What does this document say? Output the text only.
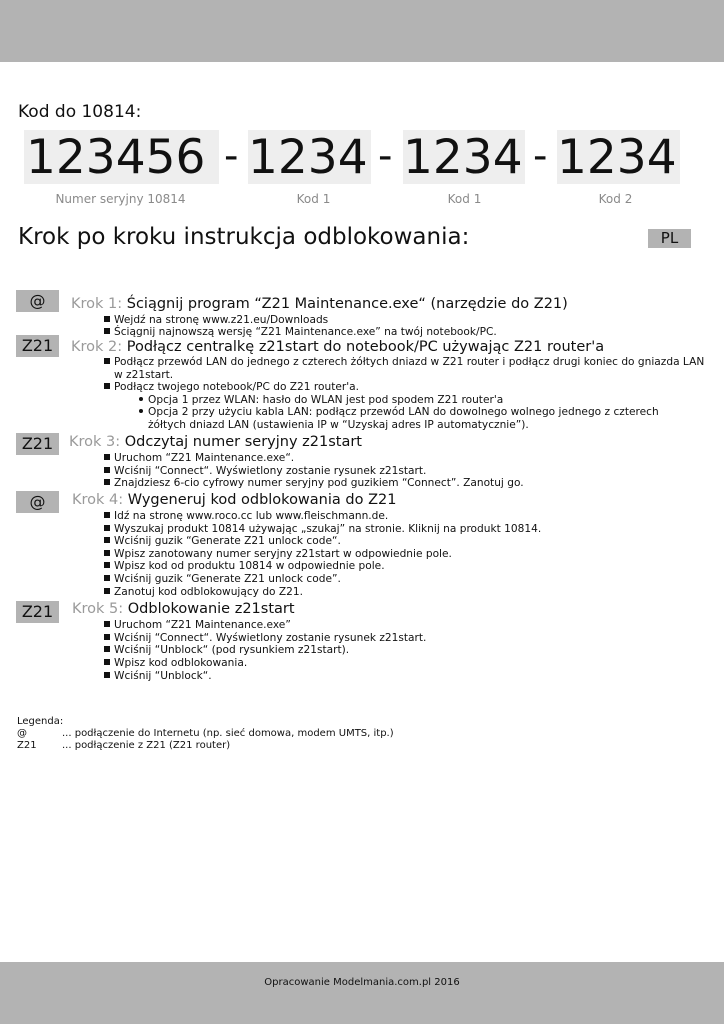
Kod do 10814:
123456 - 1234 - 1234 - 1234
Numer seryjny 10814	Kod 1	Kod 1	Kod 2
Krok po kroku instrukcja odblokowania:	PL
@	Krok 1: Ściągnij program “Z21 Maintenance.exe“ (narzędzie do Z21)
Wejdź na stronę www.z21.eu/Downloads
Ściągnij najnowszą wersję “Z21 Maintenance.exe” na twój notebook/PC.
Z21	Krok 2: Podłącz centralkę z21start do notebook/PC używając Z21 router'a
Podłącz przewód LAN do jednego z czterech żółtych dniazd w Z21 router i podłącz drugi koniec do gniazda LAN w z21start.
Podłącz twojego notebook/PC do Z21 router'a.
Opcja 1 przez WLAN: hasło do WLAN jest pod spodem Z21 router'a
Opcja 2 przy użyciu kabla LAN: podłącz przewód LAN do dowolnego wolnego jednego z czterech żółtych dniazd LAN (ustawienia IP w “Uzyskaj adres IP automatycznie”).
Z21	Krok 3: Odczytaj numer seryjny z21start
Uruchom “Z21 Maintenance.exe“.
Wciśnij “Connect“. Wyświetlony zostanie rysunek z21start.
Znajdziesz 6-cio cyfrowy numer seryjny pod guzikiem “Connect”. Zanotuj go.
@	Krok 4: Wygeneruj kod odblokowania do Z21
Idź na stronę www.roco.cc lub www.fleischmann.de.
Wyszukaj produkt 10814 używając „szukaj” na stronie. Kliknij na produkt 10814.
Wciśnij guzik “Generate Z21 unlock code“.
Wpisz zanotowany numer seryjny z21start w odpowiednie pole.
Wpisz kod od produktu 10814 w odpowiednie pole.
Wciśnij guzik “Generate Z21 unlock code”.
Zanotuj kod odblokowujący do Z21.
Z21	Krok 5: Odblokowanie z21start
Uruchom “Z21 Maintenance.exe”
Wciśnij “Connect“. Wyświetlony zostanie rysunek z21start.
Wciśnij “Unblock“ (pod rysunkiem z21start).
Wpisz kod odblokowania.
Wciśnij “Unblock“.
Legenda:
@	... podłączenie do Internetu (np. sieć domowa, modem UMTS, itp.)
Z21	... podłączenie z Z21 (Z21 router)
Opracowanie Modelmania.com.pl 2016
